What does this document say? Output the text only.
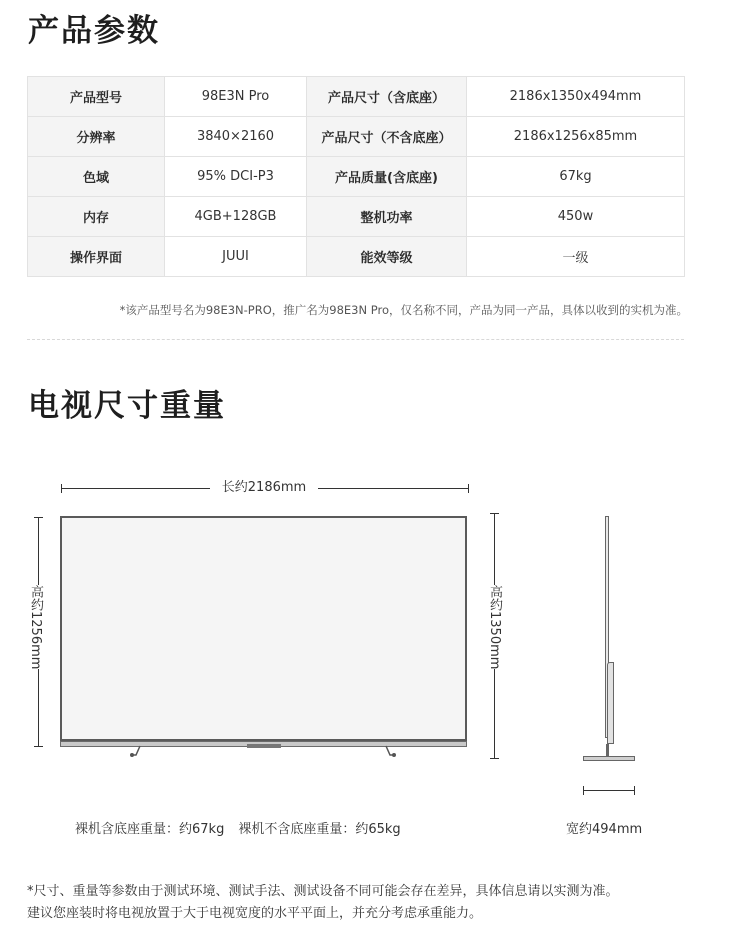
产品参数
产品型号	98E3N Pro	产品尺寸（含底座）	2186x1350x494mm
分辨率	3840×2160	产品尺寸（不含底座）	2186x1256x85mm
色域	95% DCI-P3	产品质量(含底座)	67kg
内存	4GB+128GB	整机功率	450w
操作界面	JUUI	能效等级	一级
*该产品型号名为98E3N-PRO，推广名为98E3N Pro，仅名称不同，产品为同一产品，具体以收到的实机为准。
电视尺寸重量
长约2186mm
高约1256mm	高约1350mm
宽约494mm
裸机含底座重量：约67kg 裸机不含底座重量：约65kg
*尺寸、重量等参数由于测试环境、测试手法、测试设备不同可能会存在差异，具体信息请以实测为准。
建议您座装时将电视放置于大于电视宽度的水平平面上，并充分考虑承重能力。
